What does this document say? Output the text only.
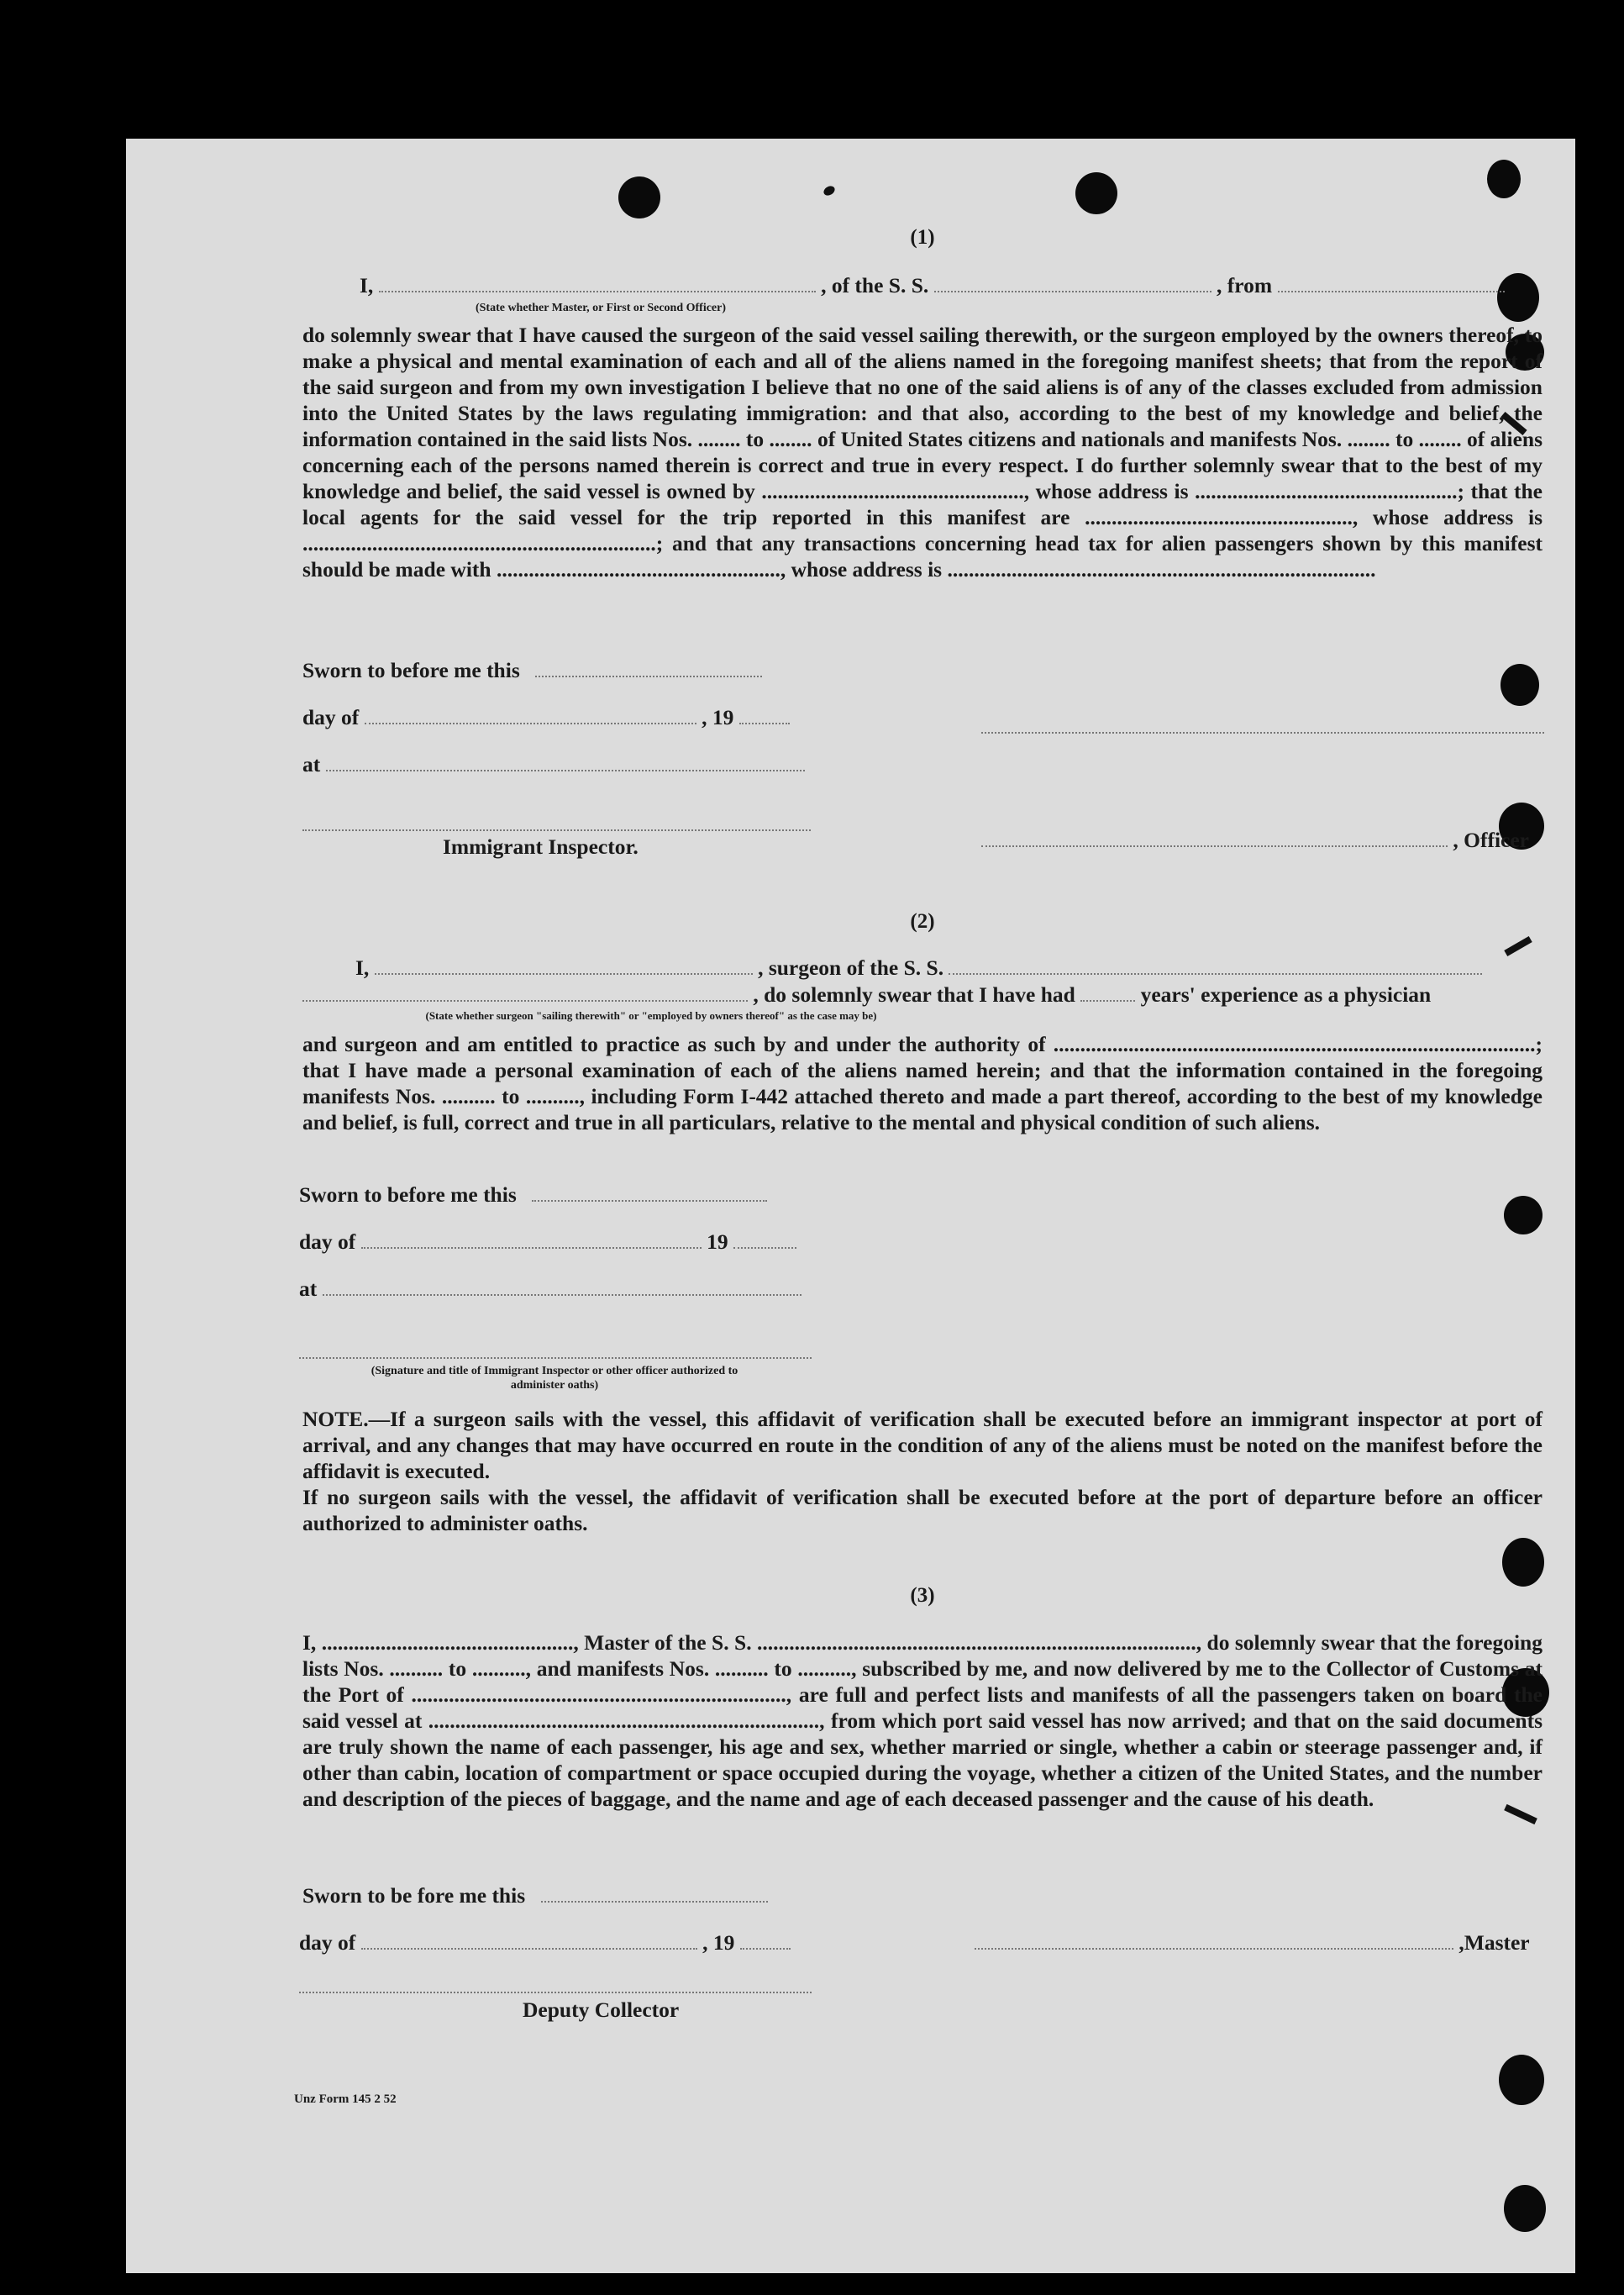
(1)
I,	, of the S. S.	, from
(State whether Master, or First or Second Officer)

do solemnly swear that I have caused the surgeon of the said vessel sailing therewith, or the surgeon employed by the owners thereof, to make a physical and mental examination of each and all of the aliens named in the foregoing manifest sheets; that from the report of the said surgeon and from my own investigation I believe that no one of the said aliens is of any of the classes excluded from admission into the United States by the laws regulating immigration: and that also, according to the best of my knowledge and belief, the information contained in the said lists Nos. ........ to ........ of United States citizens and nationals and manifests Nos. ........ to ........ of aliens concerning each of the persons named therein is correct and true in every respect. I do further solemnly swear that to the best of my knowledge and belief, the said vessel is owned by ................................................., whose address is .................................................; that the local agents for the said vessel for the trip reported in this manifest are .................................................., whose address is ..................................................................; and that any transactions concerning head tax for alien passengers shown by this manifest should be made with ....................................................., whose address is ................................................................................

Sworn to before me this
day of	, 19
at
Immigrant Inspector.	, Officer
(2)
I,	, surgeon of the S. S.
, do solemnly swear that I have had	years' experience as a physician
(State whether surgeon "sailing therewith" or "employed by owners thereof" as the case may be)

and surgeon and am entitled to practice as such by and under the authority of ..........................................................................................; that I have made a personal examination of each of the aliens named herein; and that the information contained in the foregoing manifests Nos. .......... to .........., including Form I-442 attached thereto and made a part thereof, according to the best of my knowledge and belief, is full, correct and true in all particulars, relative to the mental and physical condition of such aliens.

Sworn to before me this
day of	19
at
(Signature and title of Immigrant Inspector or other officer authorized to administer oaths)

NOTE.—If a surgeon sails with the vessel, this affidavit of verification shall be executed before an immigrant inspector at port of arrival, and any changes that may have occurred en route in the condition of any of the aliens must be noted on the manifest before the affidavit is executed.

If no surgeon sails with the vessel, the affidavit of verification shall be executed before at the port of departure before an officer authorized to administer oaths.

(3)

I, ..............................................., Master of the S. S. .................................................................................., do solemnly swear that the foregoing lists Nos. .......... to .........., and manifests Nos. .......... to .........., subscribed by me, and now delivered by me to the Collector of Customs at the Port of ......................................................................, are full and perfect lists and manifests of all the passengers taken on board the said vessel at ........................................................................., from which port said vessel has now arrived; and that on the said documents are truly shown the name of each passenger, his age and sex, whether married or single, whether a cabin or steerage passenger and, if other than cabin, location of compartment or space occupied during the voyage, whether a citizen of the United States, and the number and description of the pieces of baggage, and the name and age of each deceased passenger and the cause of his death.

Sworn to be fore me this
day of	, 19	,Master
Deputy Collector
Unz Form 145 2 52
